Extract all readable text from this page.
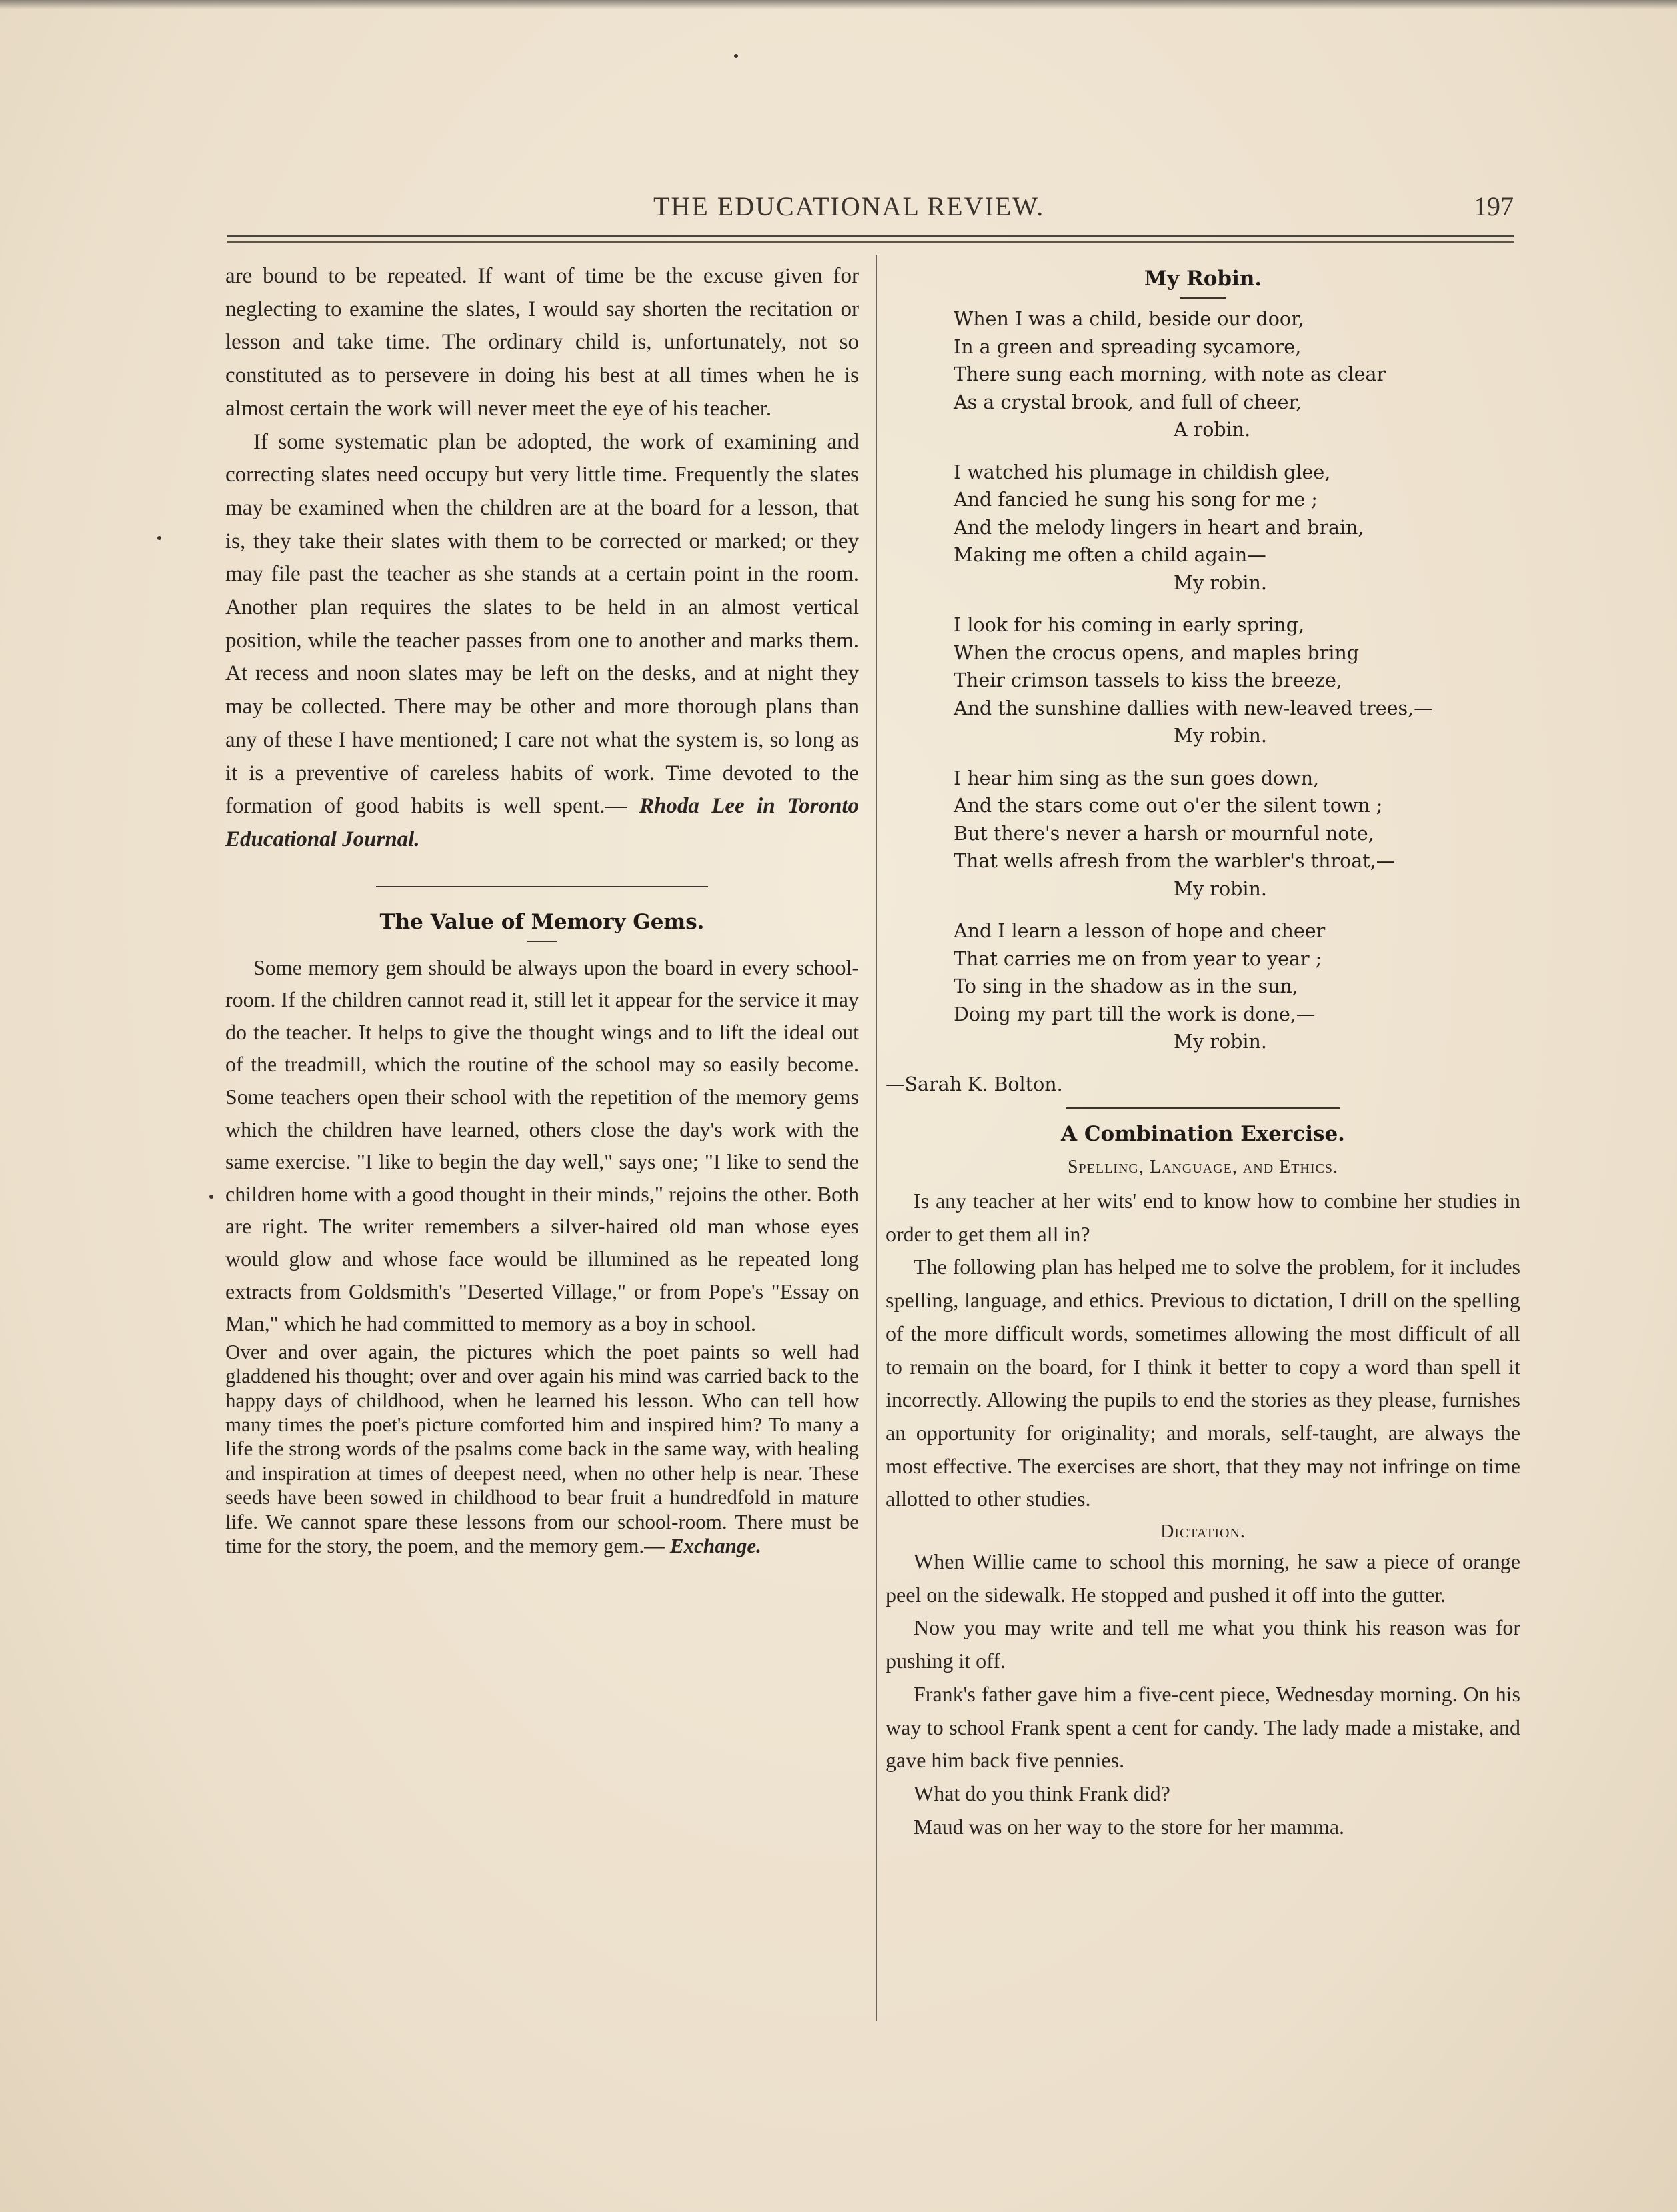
THE EDUCATIONAL REVIEW.	197

are bound to be repeated. If want of time be the excuse given for neglecting to examine the slates, I would say shorten the recitation or lesson and take time. The ordinary child is, unfortunately, not so constituted as to persevere in doing his best at all times when he is almost certain the work will never meet the eye of his teacher.

If some systematic plan be adopted, the work of examining and correcting slates need occupy but very little time. Frequently the slates may be examined when the children are at the board for a lesson, that is, they take their slates with them to be corrected or marked; or they may file past the teacher as she stands at a certain point in the room. Another plan requires the slates to be held in an almost vertical position, while the teacher passes from one to another and marks them. At recess and noon slates may be left on the desks, and at night they may be collected. There may be other and more thorough plans than any of these I have mentioned; I care not what the system is, so long as it is a preventive of careless habits of work. Time devoted to the formation of good habits is well spent.— Rhoda Lee in Toronto Educational Journal.

The Value of Memory Gems.

Some memory gem should be always upon the board in every school-room. If the children cannot read it, still let it appear for the service it may do the teacher. It helps to give the thought wings and to lift the ideal out of the treadmill, which the routine of the school may so easily become. Some teachers open their school with the repetition of the memory gems which the children have learned, others close the day's work with the same exercise. "I like to begin the day well," says one; "I like to send the children home with a good thought in their minds," rejoins the other. Both are right. The writer remembers a silver-haired old man whose eyes would glow and whose face would be illumined as he repeated long extracts from Goldsmith's "Deserted Village," or from Pope's "Essay on Man," which he had committed to memory as a boy in school.

Over and over again, the pictures which the poet paints so well had gladdened his thought; over and over again his mind was carried back to the happy days of childhood, when he learned his lesson. Who can tell how many times the poet's picture comforted him and inspired him? To many a life the strong words of the psalms come back in the same way, with healing and inspiration at times of deepest need, when no other help is near. These seeds have been sowed in childhood to bear fruit a hundredfold in mature life. We cannot spare these lessons from our school-room. There must be time for the story, the poem, and the memory gem.— Exchange.

My Robin.
When I was a child, beside our door,
In a green and spreading sycamore,
There sung each morning, with note as clear
As a crystal brook, and full of cheer,
A robin.
I watched his plumage in childish glee,
And fancied he sung his song for me ;
And the melody lingers in heart and brain,
Making me often a child again—
My robin.
I look for his coming in early spring,
When the crocus opens, and maples bring
Their crimson tassels to kiss the breeze,
And the sunshine dallies with new-leaved trees,—
My robin.
I hear him sing as the sun goes down,
And the stars come out o'er the silent town ;
But there's never a harsh or mournful note,
That wells afresh from the warbler's throat,—
My robin.
And I learn a lesson of hope and cheer
That carries me on from year to year ;
To sing in the shadow as in the sun,
Doing my part till the work is done,—
My robin.
—Sarah K. Bolton.
A Combination Exercise.
Spelling, Language, and Ethics.

Is any teacher at her wits' end to know how to combine her studies in order to get them all in?

The following plan has helped me to solve the problem, for it includes spelling, language, and ethics. Previous to dictation, I drill on the spelling of the more difficult words, sometimes allowing the most difficult of all to remain on the board, for I think it better to copy a word than spell it incorrectly. Allowing the pupils to end the stories as they please, furnishes an opportunity for originality; and morals, self-taught, are always the most effective. The exercises are short, that they may not infringe on time allotted to other studies.

Dictation.

When Willie came to school this morning, he saw a piece of orange peel on the sidewalk. He stopped and pushed it off into the gutter.

Now you may write and tell me what you think his reason was for pushing it off.

Frank's father gave him a five-cent piece, Wednesday morning. On his way to school Frank spent a cent for candy. The lady made a mistake, and gave him back five pennies.

What do you think Frank did?

Maud was on her way to the store for her mamma.
